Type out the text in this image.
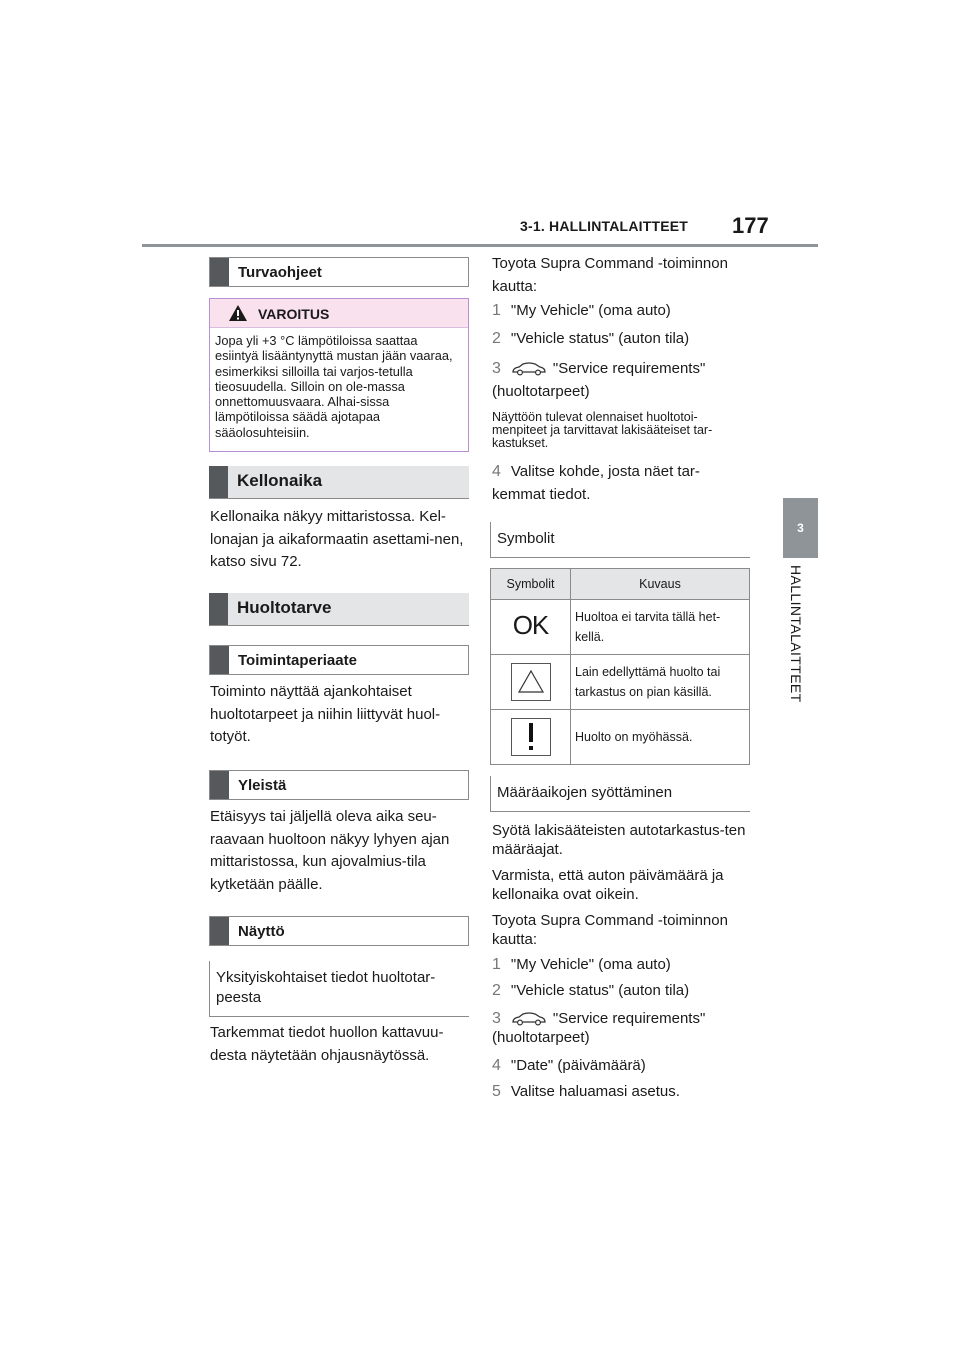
3-1. HALLINTALAITTEET 177
3
HALLINTALAITTEET
Turvaohjeet
VAROITUS
Jopa yli +3 °C lämpötiloissa saattaa esiintyä lisääntynyttä mustan jään vaaraa, esimerkiksi silloilla tai varjos-tetulla tieosuudella. Silloin on ole-massa onnettomuusvaara. Alhai-sissa lämpötiloissa säädä ajotapaa sääolosuhteisiin.
Kellonaika
Kellonaika näkyy mittaristossa. Kel-lonajan ja aikaformaatin asettami-nen, katso sivu 72.
Huoltotarve
Toimintaperiaate
Toiminto näyttää ajankohtaiset huoltotarpeet ja niihin liittyvät huol-totyöt.
Yleistä
Etäisyys tai jäljellä oleva aika seu-raavaan huoltoon näkyy lyhyen ajan mittaristossa, kun ajovalmius-tila kytketään päälle.
Näyttö
Yksityiskohtaiset tiedot huoltotar-peesta
Tarkemmat tiedot huollon kattavuu-desta näytetään ohjausnäytössä.
Toyota Supra Command -toiminnon kautta:
1 "My Vehicle" (oma auto)
2 "Vehicle status" (auton tila)
3	"Service requirements" (huoltotarpeet)
Näyttöön tulevat olennaiset huoltotoi-menpiteet ja tarvittavat lakisääteiset tar-kastukset.
4 Valitse kohde, josta näet tar-kemmat tiedot.
Symbolit
Symbolit	Kuvaus
OK	Huoltoa ei tarvita tällä het-kellä.
	Lain edellyttämä huolto tai tarkastus on pian käsillä.
	Huolto on myöhässä.
Määräaikojen syöttäminen
Syötä lakisääteisten autotarkastus-ten määräajat.
Varmista, että auton päivämäärä ja kellonaika ovat oikein.
Toyota Supra Command -toiminnon kautta:
1 "My Vehicle" (oma auto)
2 "Vehicle status" (auton tila)
3	"Service requirements" (huoltotarpeet)
4 "Date" (päivämäärä)
5 Valitse haluamasi asetus.
